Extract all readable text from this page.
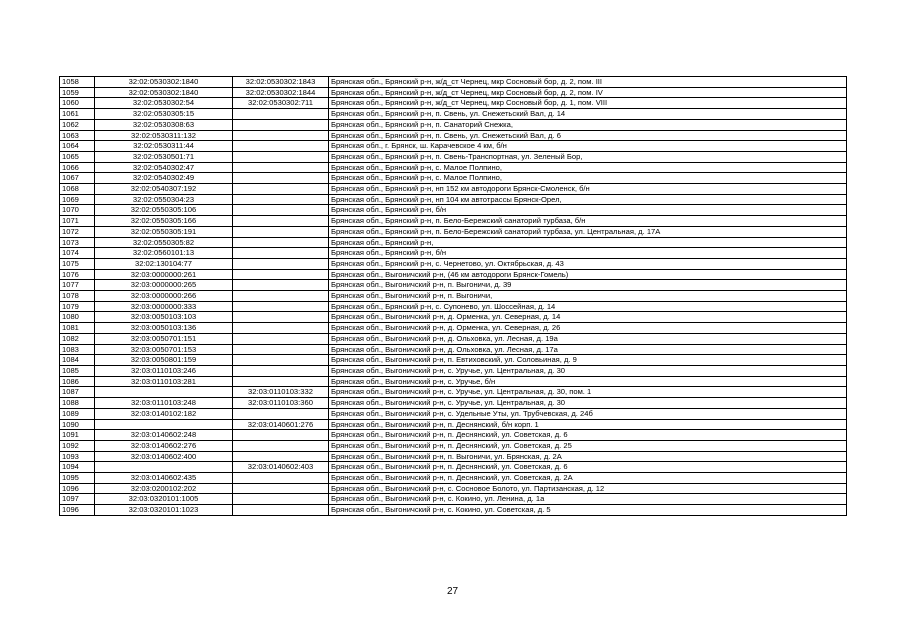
1058	32:02:0530302:1840	32:02:0530302:1843	Брянская обл., Брянский р-н, ж/д_ст Чернец, мкр Сосновый бор, д. 2, пом. III
1059	32:02:0530302:1840	32:02:0530302:1844	Брянская обл., Брянский р-н, ж/д_ст Чернец, мкр Сосновый бор, д. 2, пом. IV
1060	32:02:0530302:54	32:02:0530302:711	Брянская обл., Брянский р-н, ж/д_ст Чернец, мкр Сосновый бор, д. 1, пом. VIII
1061	32:02:0530305:15		Брянская обл., Брянский р-н, п. Свень, ул. Снежетьский Вал, д. 14
1062	32:02:0530308:63		Брянская обл., Брянский р-н, п. Санаторий Снежка,
1063	32:02:0530311:132		Брянская обл., Брянский р-н, п. Свень, ул. Снежетьский Вал, д. 6
1064	32:02:0530311:44		Брянская обл., г. Брянск, ш. Карачевское 4 км, б/н
1065	32:02:0530501:71		Брянская обл., Брянский р-н, п. Свень-Транспортная, ул. Зеленый Бор,
1066	32:02:0540302:47		Брянская обл., Брянский р-н, с. Малое Полпино,
1067	32:02:0540302:49		Брянская обл., Брянский р-н, с. Малое Полпино,
1068	32:02:0540307:192		Брянская обл., Брянский р-н, нп 152 км автодороги Брянск-Смоленск, б/н
1069	32:02:0550304:23		Брянская обл., Брянский р-н, нп 104 км автотрассы Брянск-Орел,
1070	32:02:0550305:106		Брянская обл., Брянский р-н, б/н
1071	32:02:0550305:166		Брянская обл., Брянский р-н, п. Бело-Бережский санаторий турбаза, б/н
1072	32:02:0550305:191		Брянская обл., Брянский р-н, п. Бело-Бережский санаторий турбаза, ул. Центральная, д. 17А
1073	32:02:0550305:82		Брянская обл., Брянский р-н,
1074	32:02:0560101:13		Брянская обл., Брянский р-н, б/н
1075	32:02:130104:77		Брянская обл., Брянский р-н, с. Чернетово, ул. Октябрьская, д. 43
1076	32:03:0000000:261		Брянская обл., Выгоничский р-н, (46 км автодороги Брянск-Гомель)
1077	32:03:0000000:265		Брянская обл., Выгоничский р-н, п. Выгоничи, д. 39
1078	32:03:0000000:266		Брянская обл., Выгоничский р-н, п. Выгоничи,
1079	32:03:0000000:333		Брянская обл., Брянский р-н, с. Супонево, ул. Шоссейная, д. 14
1080	32:03:0050103:103		Брянская обл., Выгоничский р-н, д. Орменка, ул. Северная, д. 14
1081	32:03:0050103:136		Брянская обл., Выгоничский р-н, д. Орменка, ул. Северная, д. 26
1082	32:03:0050701:151		Брянская обл., Выгоничский р-н, д. Ольховка, ул. Лесная, д. 19а
1083	32:03:0050701:153		Брянская обл., Выгоничский р-н, д. Ольховка, ул. Лесная, д. 17а
1084	32:03:0050801:159		Брянская обл., Выгоничский р-н, п. Евтиховский, ул. Соловьиная, д. 9
1085	32:03:0110103:246		Брянская обл., Выгоничский р-н, с. Уручье, ул. Центральная, д. 30
1086	32:03:0110103:281		Брянская обл., Выгоничский р-н, с. Уручье, б/н
1087		32:03:0110103:332	Брянская обл., Выгоничский р-н, с. Уручье, ул. Центральная, д. 30, пом. 1
1088	32:03:0110103:248	32:03:0110103:360	Брянская обл., Выгоничский р-н, с. Уручье, ул. Центральная, д. 30
1089	32:03:0140102:182		Брянская обл., Выгоничский р-н, с. Удельные Уты, ул. Трубчевская, д. 24б
1090		32:03:0140601:276	Брянская обл., Выгоничский р-н, п. Деснянский, б/н корп. 1
1091	32:03:0140602:248		Брянская обл., Выгоничский р-н, п. Деснянский, ул. Советская, д. 6
1092	32:03:0140602:276		Брянская обл., Выгоничский р-н, п. Деснянский, ул. Советская, д. 25
1093	32:03:0140602:400		Брянская обл., Выгоничский р-н, п. Выгоничи, ул. Брянская, д. 2А
1094		32:03:0140602:403	Брянская обл., Выгоничский р-н, п. Деснянский, ул. Советская, д. 6
1095	32:03:0140602:435		Брянская обл., Выгоничский р-н, п. Деснянский, ул. Советская, д. 2А
1096	32:03:0200102:202		Брянская обл., Выгоничский р-н, с. Сосновое Болото, ул. Партизанская, д. 12
1097	32:03:0320101:1005		Брянская обл., Выгоничский р-н, с. Кокино, ул. Ленина, д. 1а
1096	32:03:0320101:1023		Брянская обл., Выгоничский р-н, с. Кокино, ул. Советская, д. 5
27
